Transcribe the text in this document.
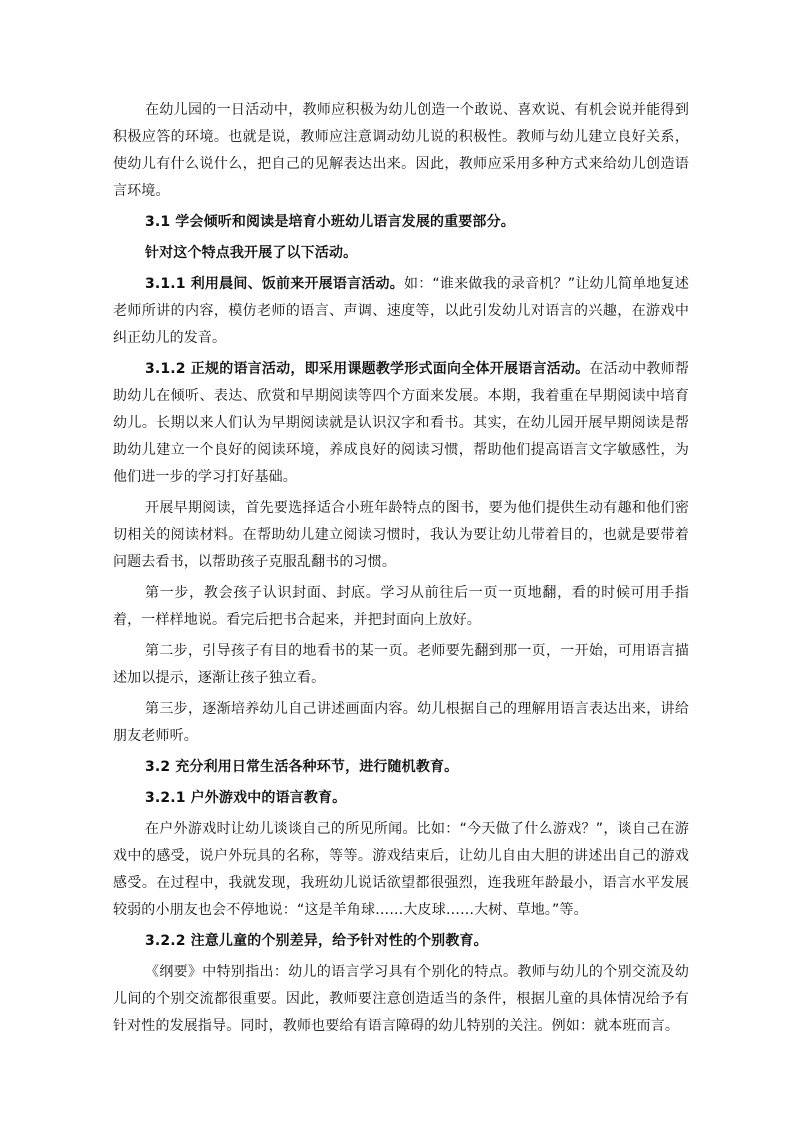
在幼儿园的一日活动中，教师应积极为幼儿创造一个敢说、喜欢说、有机会说并能得到积极应答的环境。也就是说，教师应注意调动幼儿说的积极性。教师与幼儿建立良好关系，使幼儿有什么说什么，把自己的见解表达出来。因此，教师应采用多种方式来给幼儿创造语言环境。

3.1 学会倾听和阅读是培育小班幼儿语言发展的重要部分。

针对这个特点我开展了以下活动。

3.1.1 利用晨间、饭前来开展语言活动。如：“谁来做我的录音机？”让幼儿简单地复述老师所讲的内容，模仿老师的语言、声调、速度等，以此引发幼儿对语言的兴趣，在游戏中纠正幼儿的发音。

3.1.2 正规的语言活动，即采用课题教学形式面向全体开展语言活动。在活动中教师帮助幼儿在倾听、表达、欣赏和早期阅读等四个方面来发展。本期，我着重在早期阅读中培育幼儿。长期以来人们认为早期阅读就是认识汉字和看书。其实，在幼儿园开展早期阅读是帮助幼儿建立一个良好的阅读环境，养成良好的阅读习惯，帮助他们提高语言文字敏感性，为他们进一步的学习打好基础。

开展早期阅读，首先要选择适合小班年龄特点的图书，要为他们提供生动有趣和他们密切相关的阅读材料。在帮助幼儿建立阅读习惯时，我认为要让幼儿带着目的，也就是要带着问题去看书，以帮助孩子克服乱翻书的习惯。

第一步，教会孩子认识封面、封底。学习从前往后一页一页地翻，看的时候可用手指着，一样样地说。看完后把书合起来，并把封面向上放好。

第二步，引导孩子有目的地看书的某一页。老师要先翻到那一页，一开始，可用语言描述加以提示，逐渐让孩子独立看。

第三步，逐渐培养幼儿自己讲述画面内容。幼儿根据自己的理解用语言表达出来，讲给朋友老师听。

3.2 充分利用日常生活各种环节，进行随机教育。

3.2.1 户外游戏中的语言教育。

在户外游戏时让幼儿谈谈自己的所见所闻。比如：“今天做了什么游戏？”，谈自己在游戏中的感受，说户外玩具的名称，等等。游戏结束后，让幼儿自由大胆的讲述出自己的游戏感受。在过程中，我就发现，我班幼儿说话欲望都很强烈，连我班年龄最小，语言水平发展较弱的小朋友也会不停地说：“这是羊角球……大皮球……大树、草地。”等。

3.2.2 注意儿童的个别差异，给予针对性的个别教育。

《纲要》中特别指出：幼儿的语言学习具有个别化的特点。教师与幼儿的个别交流及幼儿间的个别交流都很重要。因此，教师要注意创造适当的条件，根据儿童的具体情况给予有针对性的发展指导。同时，教师也要给有语言障碍的幼儿特别的关注。例如：就本班而言。
